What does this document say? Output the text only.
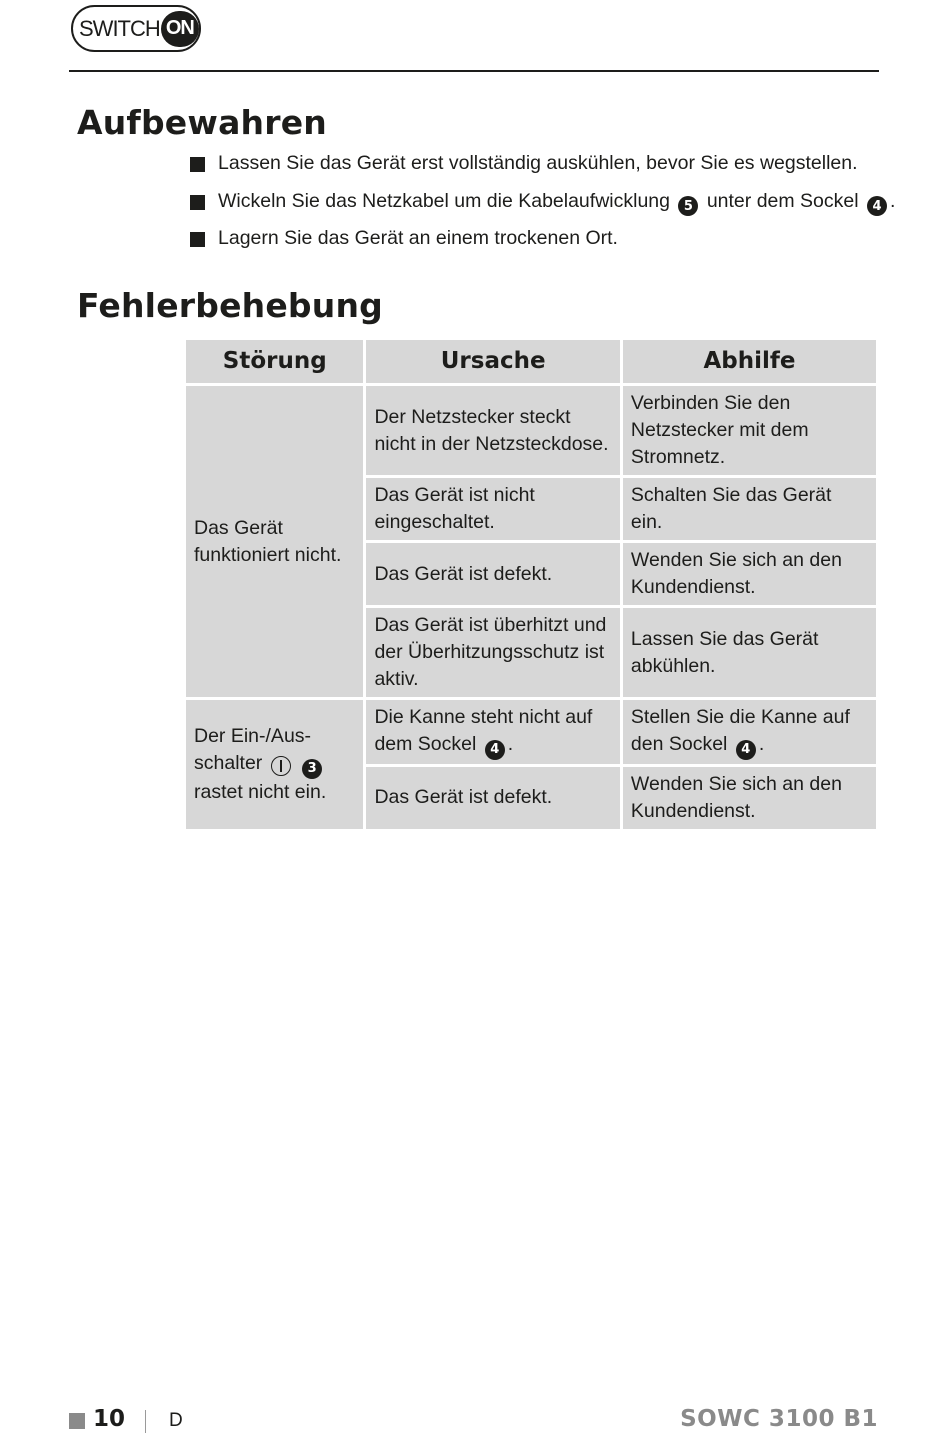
SWITCH ON
Aufbewahren
Lassen Sie das Gerät erst vollständig auskühlen, bevor Sie es wegstellen.
Wickeln Sie das Netzkabel um die Kabelaufwicklung 5 unter dem Sockel 4 .
Lagern Sie das Gerät an einem trockenen Ort.
Fehlerbehebung
Störung	Ursache	Abhilfe
Das Gerät funktioniert nicht.	Der Netzstecker steckt nicht in der Netzsteckdose.	Verbinden Sie den Netzstecker mit dem Stromnetz.
	Das Gerät ist nicht eingeschaltet.	Schalten Sie das Gerät ein.
	Das Gerät ist defekt.	Wenden Sie sich an den Kundendienst.
	Das Gerät ist überhitzt und der Überhitzungsschutz ist aktiv.	Lassen Sie das Gerät abkühlen.
Der Ein-/Aus-
schalter 3
rastet nicht ein.	Die Kanne steht nicht auf dem Sockel 4 .	Stellen Sie die Kanne auf den Sockel 4 .
	Das Gerät ist defekt.	Wenden Sie sich an den Kundendienst.
10 D	SOWC 3100 B1
